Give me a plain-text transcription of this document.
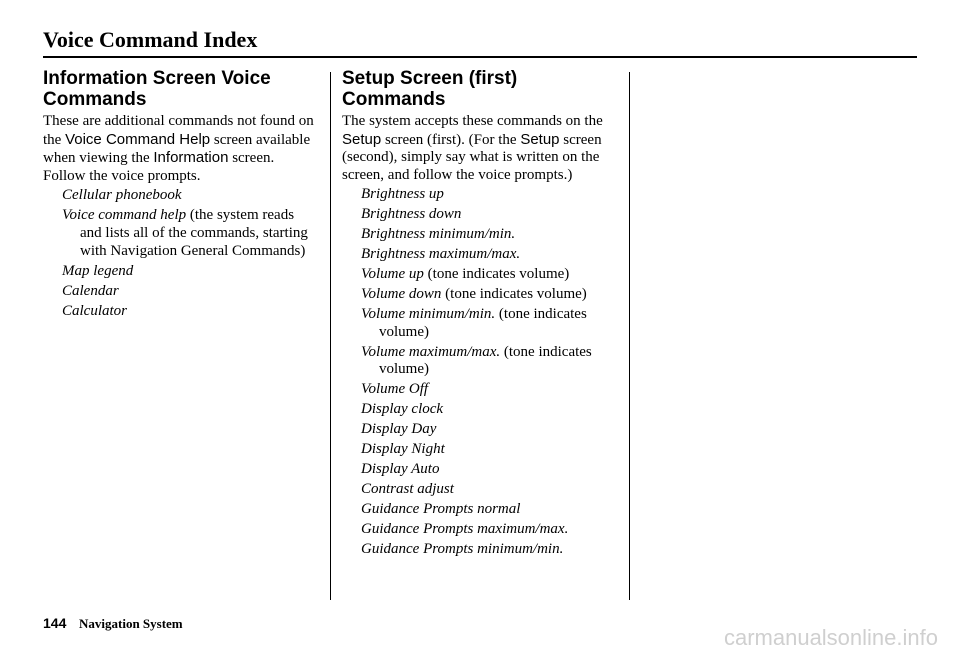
Voice Command Index
Information Screen Voice Commands

These are additional commands not found on the Voice Command Help screen available when viewing the Information screen. Follow the voice prompts.

Cellular phonebook
Voice command help (the system reads and lists all of the commands, starting with Navigation General Commands)
Map legend
Calendar
Calculator
Setup Screen (first) Commands

The system accepts these commands on the Setup screen (first). (For the Setup screen (second), simply say what is written on the screen, and follow the voice prompts.)

Brightness up
Brightness down
Brightness minimum/min.
Brightness maximum/max.
Volume up (tone indicates volume)
Volume down (tone indicates volume)
Volume minimum/min. (tone indicates volume)
Volume maximum/max. (tone indicates volume)
Volume Off
Display clock
Display Day
Display Night
Display Auto
Contrast adjust
Guidance Prompts normal
Guidance Prompts maximum/max.
Guidance Prompts minimum/min.
144 Navigation System
carmanualsonline.info
